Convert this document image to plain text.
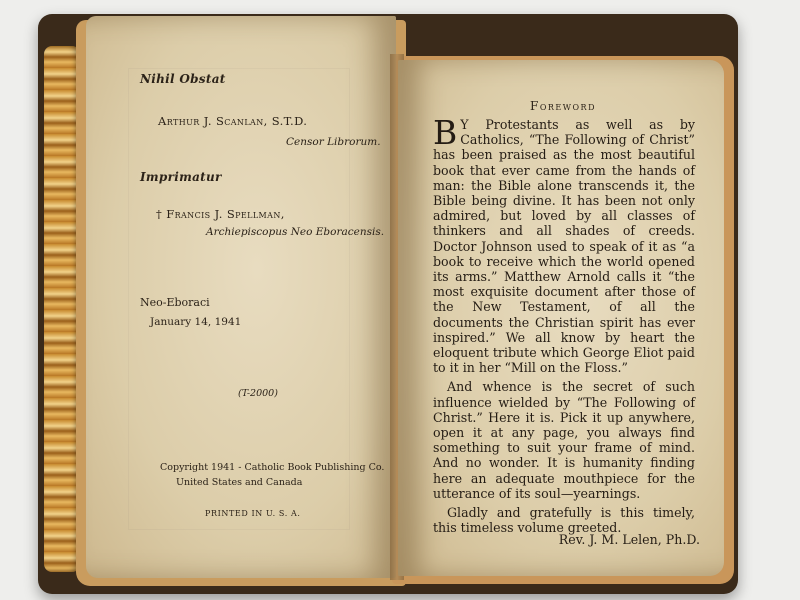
Nihil Obstat
Arthur J. Scanlan, S.T.D.
Censor Librorum.
Imprimatur
† Francis J. Spellman,
Archiepiscopus Neo Eboracensis.
Neo-Eboraci
January 14, 1941
(T-2000)
Copyright 1941 - Catholic Book Publishing Co.
United States and Canada
PRINTED IN U. S. A.
Foreword

B Y Protestants as well as by Catholics, “The Following of Christ” has been praised as the most beautiful book that ever came from the hands of man: the Bible alone transcends it, the Bible being divine. It has been not only admired, but loved by all classes of thinkers and all shades of creeds. Doctor Johnson used to speak of it as “a book to receive which the world opened its arms.” Matthew Arnold calls it “the most exquisite document after those of the New Testament, of all the documents the Christian spirit has ever inspired.” We all know by heart the eloquent tribute which George Eliot paid to it in her “Mill on the Floss.”

And whence is the secret of such influence wielded by “The Following of Christ.” Here it is. Pick it up anywhere, open it at any page, you always find something to suit your frame of mind. And no wonder. It is humanity finding here an adequate mouthpiece for the utterance of its soul—yearnings.

Gladly and gratefully is this timely, this timeless volume greeted.

Rev. J. M. Lelen, Ph.D.
